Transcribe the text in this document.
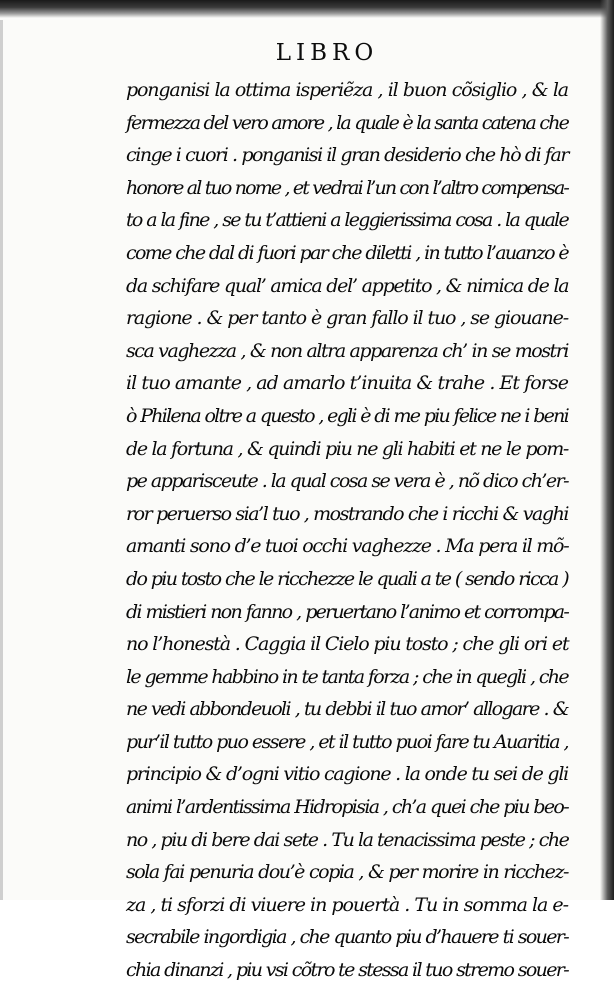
LIBRO
ponganisi la ottima isperiẽza , il buon cõsiglio , & la
fermezza del vero amore , la quale è la santa catena che
cinge i cuori . ponganisi il gran desiderio che hò di far
honore al tuo nome , et vedrai l’un con l’altro compensa-
to a la fine , se tu t’attieni a leggierissima cosa . la quale
come che dal di fuori par che diletti , in tutto l’auanzo è
da schifare qual’ amica del’ appetito , & nimica de la
ragione . & per tanto è gran fallo il tuo , se giouane-
sca vaghezza , & non altra apparenza ch’ in se mostri
il tuo amante , ad amarlo t’inuita & trahe . Et forse
ò Philena oltre a questo , egli è di me piu felice ne i beni
de la fortuna , & quindi piu ne gli habiti et ne le pom-
pe apparisceute . la qual cosa se vera è , nõ dico ch’er-
ror peruerso sia’l tuo , mostrando che i ricchi & vaghi
amanti sono d’e tuoi occhi vaghezze . Ma pera il mõ-
do piu tosto che le ricchezze le quali a te ( sendo ricca )
di mistieri non fanno , peruertano l’animo et corrompa-
no l’honestà . Caggia il Cielo piu tosto ; che gli ori et
le gemme habbino in te tanta forza ; che in quegli , che
ne vedi abbondeuoli , tu debbi il tuo amor’ allogare . &
pur’il tutto puo essere , et il tutto puoi fare tu Auaritia ,
principio & d’ogni vitio cagione . la onde tu sei de gli
animi l’ardentissima Hidropisia , ch’a quei che piu beo-
no , piu di bere dai sete . Tu la tenacissima peste ; che
sola fai penuria dou’è copia , & per morire in ricchez-
za , ti sforzi di viuere in pouertà . Tu in somma la e-
secrabile ingordigia , che quanto piu d’hauere ti souer-
chia dinanzi , piu vsi cõtro te stessa il tuo stremo souer-
